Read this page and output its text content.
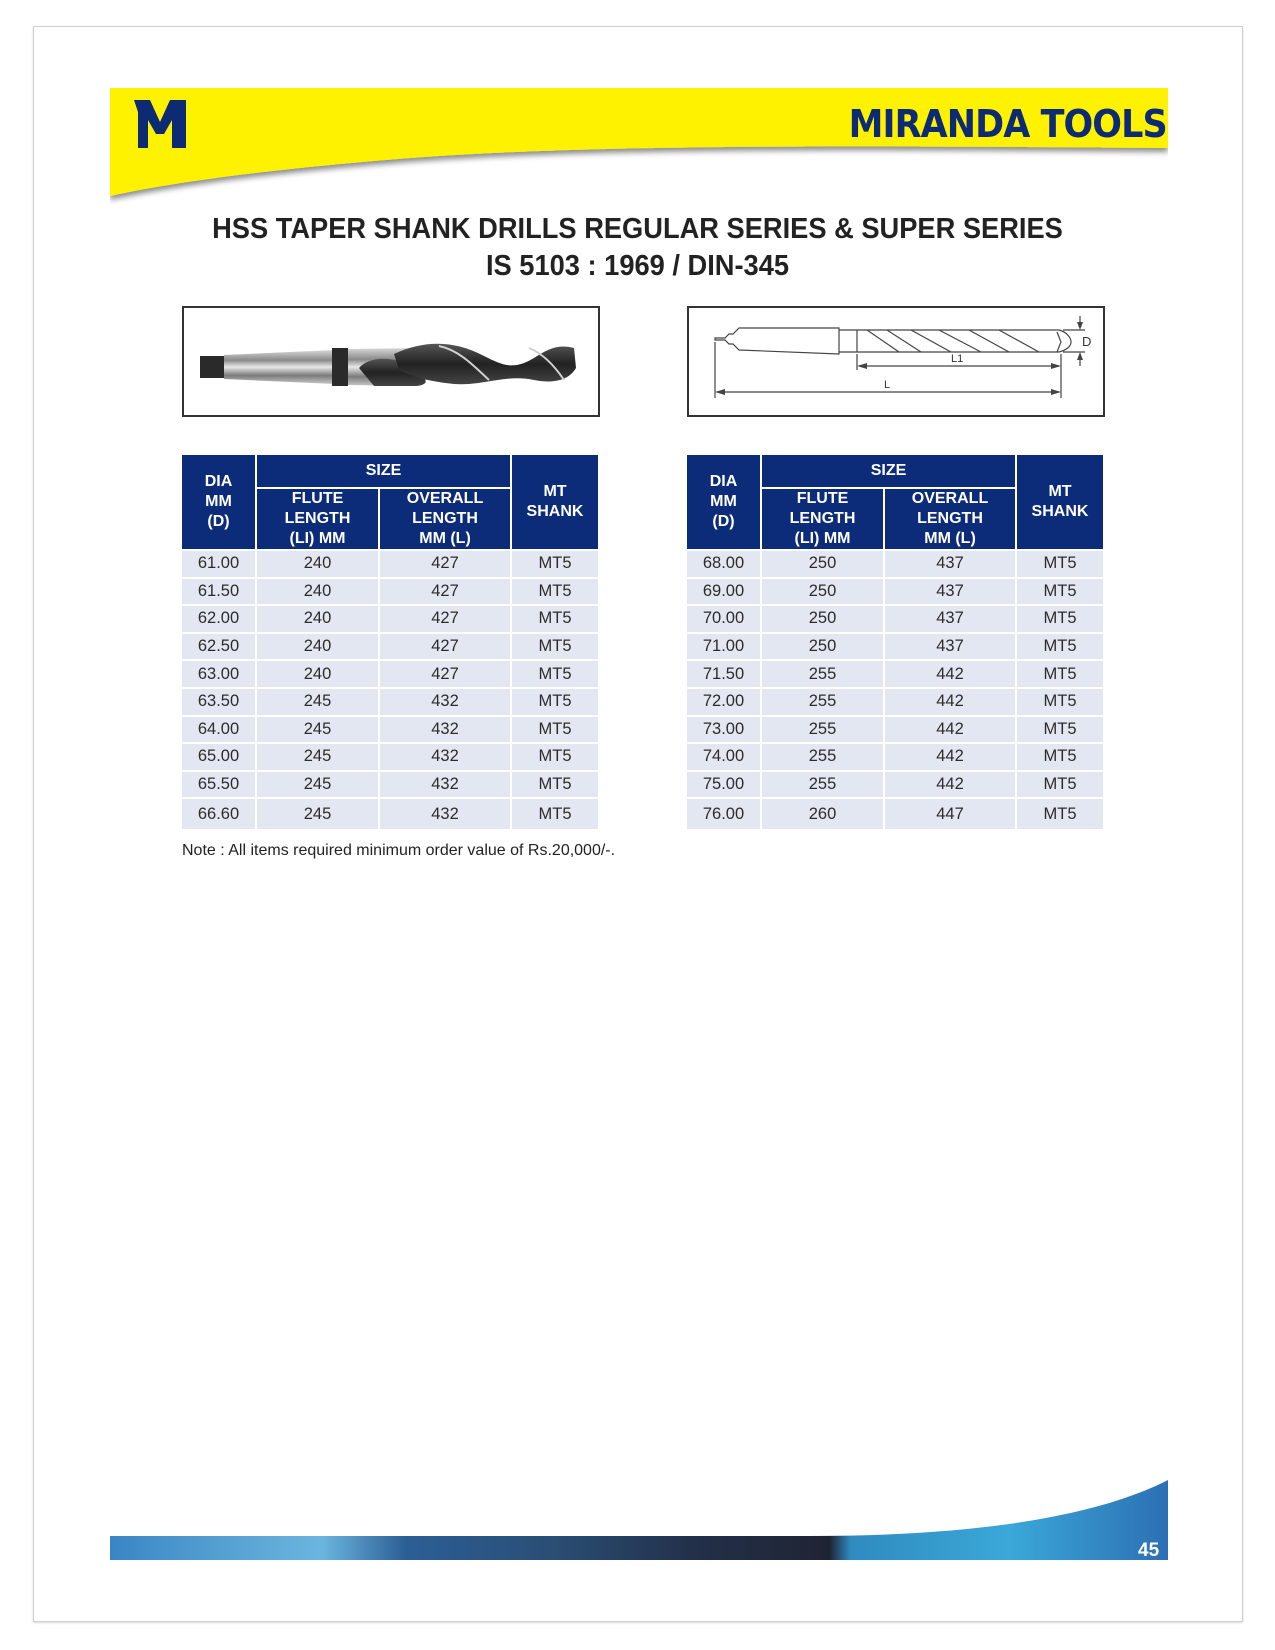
MIRANDA TOOLS
HSS TAPER SHANK DRILLS REGULAR SERIES & SUPER SERIES
IS 5103 : 1969 / DIN-345
D
L1
L
DIA
MM
(D)	SIZE		MT
SHANK
	FLUTE
LENGTH
(LI) MM	OVERALL
LENGTH
MM (L)	
61.00	240	427	MT5
61.50	240	427	MT5
62.00	240	427	MT5
62.50	240	427	MT5
63.00	240	427	MT5
63.50	245	432	MT5
64.00	245	432	MT5
65.00	245	432	MT5
65.50	245	432	MT5
66.60	245	432	MT5
DIA
MM
(D)	SIZE		MT
SHANK
	FLUTE
LENGTH
(LI) MM	OVERALL
LENGTH
MM (L)	
68.00	250	437	MT5
69.00	250	437	MT5
70.00	250	437	MT5
71.00	250	437	MT5
71.50	255	442	MT5
72.00	255	442	MT5
73.00	255	442	MT5
74.00	255	442	MT5
75.00	255	442	MT5
76.00	260	447	MT5
Note : All items required minimum order value of Rs.20,000/-.
45
